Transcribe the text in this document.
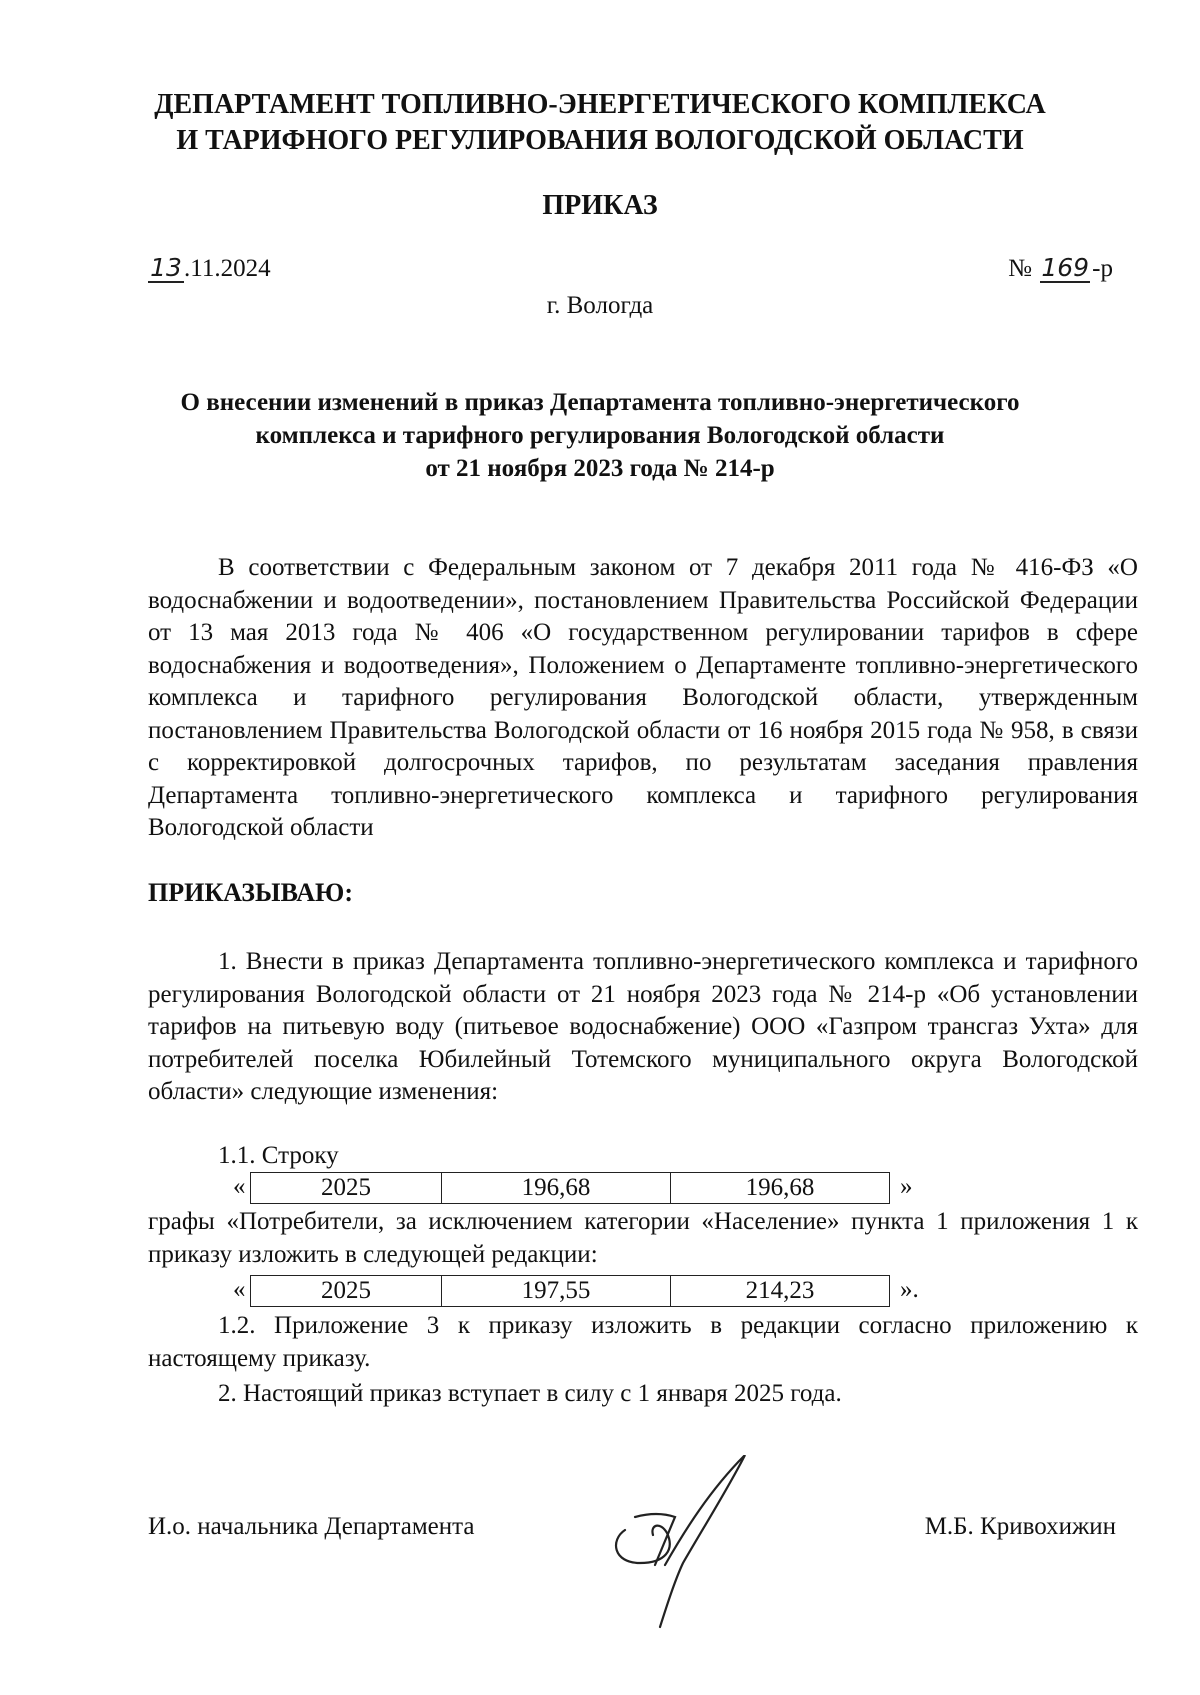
ДЕПАРТАМЕНТ ТОПЛИВНО-ЭНЕРГЕТИЧЕСКОГО КОМПЛЕКСА
И ТАРИФНОГО РЕГУЛИРОВАНИЯ ВОЛОГОДСКОЙ ОБЛАСТИ
ПРИКАЗ
13.11.2024	№ 169 -р
г. Вологда
О внесении изменений в приказ Департамента топливно-энергетического
комплекса и тарифного регулирования Вологодской области
от 21 ноября 2023 года № 214-р
В соответствии с Федеральным законом от 7 декабря 2011 года № 416-ФЗ «О водоснабжении и водоотведении», постановлением Правительства Российской Федерации от 13 мая 2013 года № 406 «О государственном регулировании тарифов в сфере водоснабжения и водоотведения», Положением о Департаменте топливно-энергетического комплекса и тарифного регулирования Вологодской области, утвержденным постановлением Правительства Вологодской области от 16 ноября 2015 года № 958, в связи с корректировкой долгосрочных тарифов, по результатам заседания правления Департамента топливно-энергетического комплекса и тарифного регулирования Вологодской области
ПРИКАЗЫВАЮ:
1. Внести в приказ Департамента топливно-энергетического комплекса и тарифного регулирования Вологодской области от 21 ноября 2023 года № 214-р «Об установлении тарифов на питьевую воду (питьевое водоснабжение) ООО «Газпром трансгаз Ухта» для потребителей поселка Юбилейный Тотемского муниципального округа Вологодской области» следующие изменения:
1.1. Строку
«	2025	196,68	196,68	»
графы «Потребители, за исключением категории «Население» пункта 1 приложения 1 к приказу изложить в следующей редакции:
«	2025	197,55	214,23	».
1.2. Приложение 3 к приказу изложить в редакции согласно приложению к настоящему приказу.
2. Настоящий приказ вступает в силу с 1 января 2025 года.
И.о. начальника Департамента	М.Б. Кривохижин
